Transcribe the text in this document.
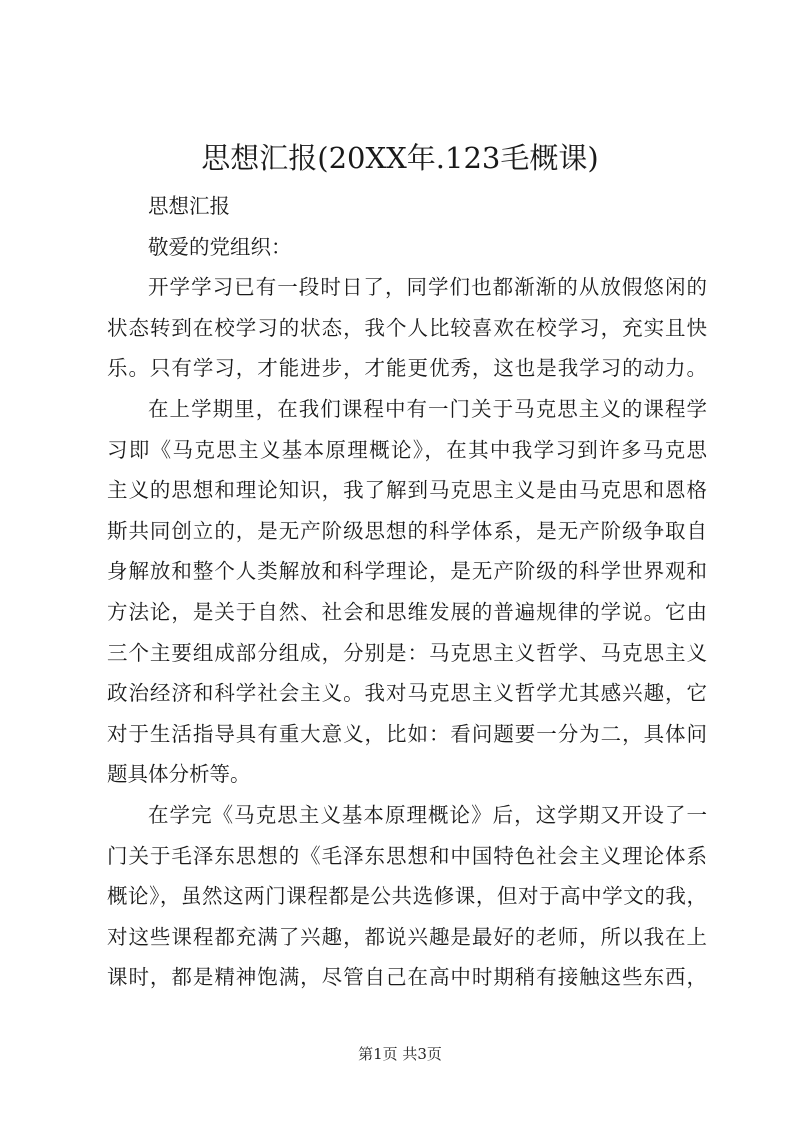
思想汇报(20XX年.123毛概课)
思想汇报
敬爱的党组织：
开学学习已有一段时日了，同学们也都渐渐的从放假悠闲的
状态转到在校学习的状态，我个人比较喜欢在校学习，充实且快
乐。只有学习，才能进步，才能更优秀，这也是我学习的动力。
在上学期里，在我们课程中有一门关于马克思主义的课程学
习即《马克思主义基本原理概论》，在其中我学习到许多马克思
主义的思想和理论知识，我了解到马克思主义是由马克思和恩格
斯共同创立的，是无产阶级思想的科学体系，是无产阶级争取自
身解放和整个人类解放和科学理论，是无产阶级的科学世界观和
方法论，是关于自然、社会和思维发展的普遍规律的学说。它由
三个主要组成部分组成，分别是：马克思主义哲学、马克思主义
政治经济和科学社会主义。我对马克思主义哲学尤其感兴趣，它
对于生活指导具有重大意义，比如：看问题要一分为二，具体问
题具体分析等。
在学完《马克思主义基本原理概论》后，这学期又开设了一
门关于毛泽东思想的《毛泽东思想和中国特色社会主义理论体系
概论》，虽然这两门课程都是公共选修课，但对于高中学文的我，
对这些课程都充满了兴趣，都说兴趣是最好的老师，所以我在上
课时，都是精神饱满，尽管自己在高中时期稍有接触这些东西，
第1页 共3页
